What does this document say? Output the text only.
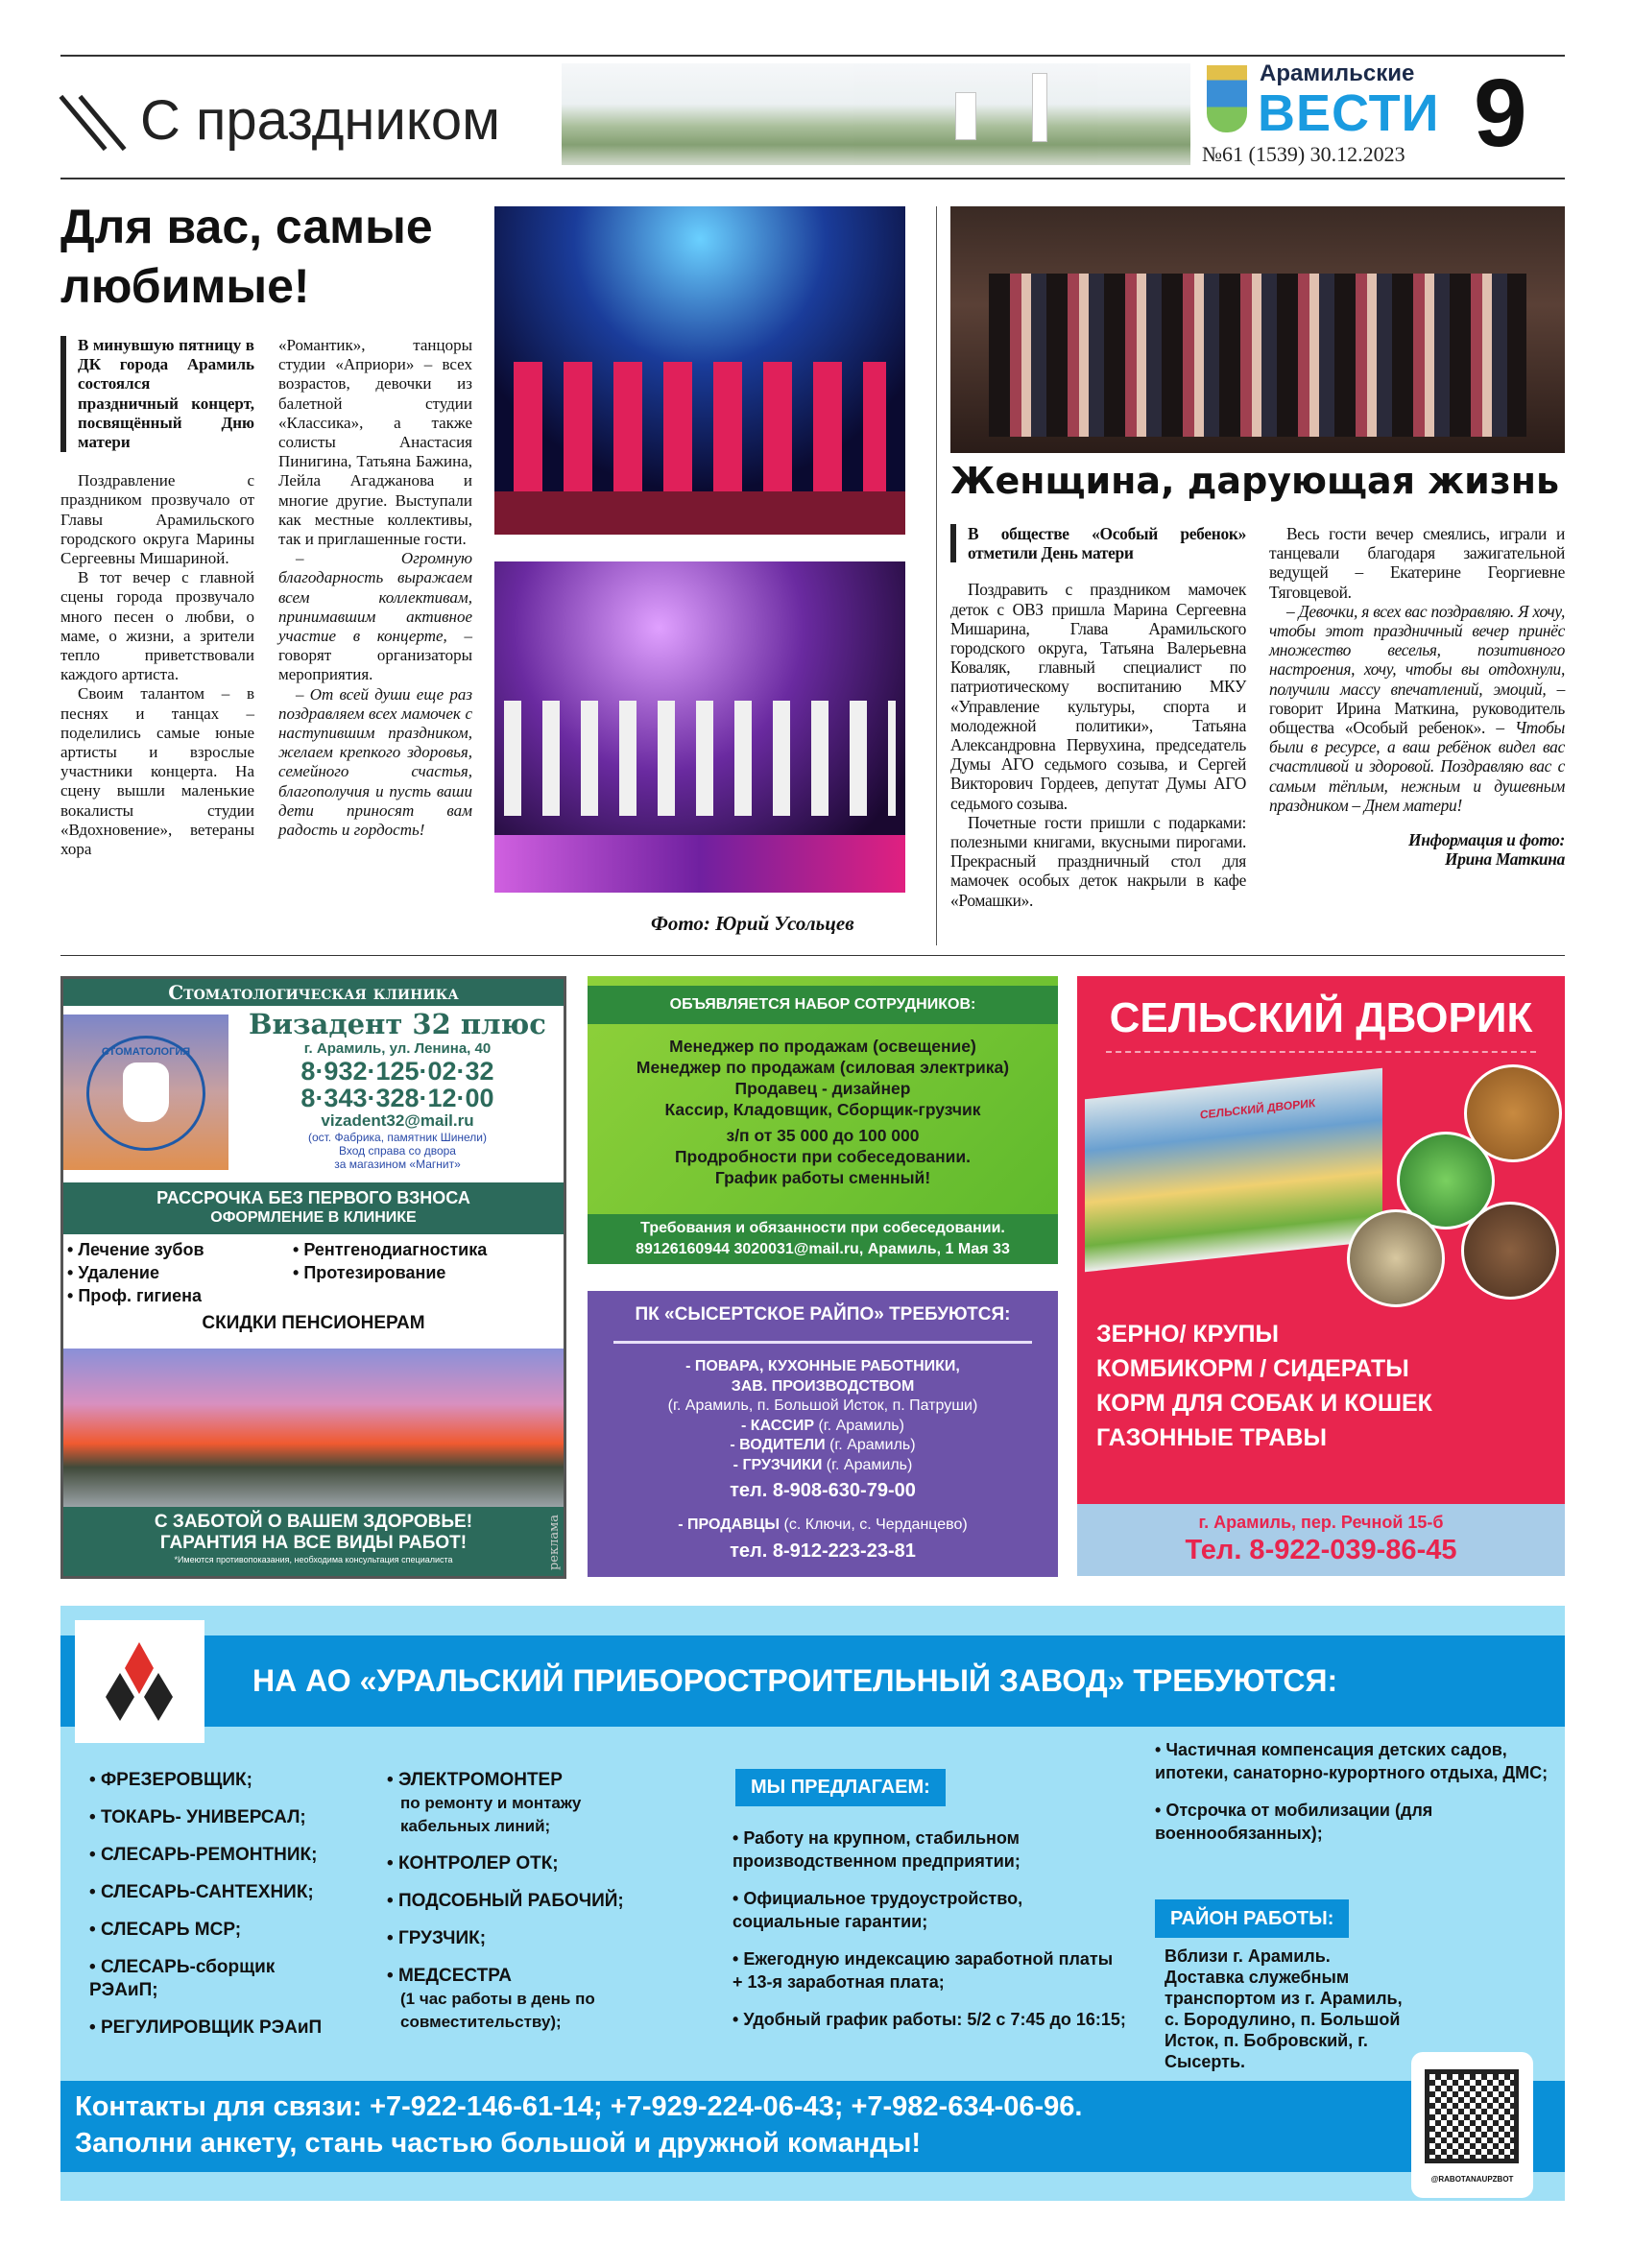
С праздником
Арамильские
ВЕСТИ
№61 (1539) 30.12.2023 9
Для вас, самые любимые!

В минувшую пятницу в ДК города Арамиль состоялся праздничный концерт, посвящённый Дню матери

Поздравление с праздником прозвучало от Главы Арамильского городского округа Марины Сергеевны Мишариной.

В тот вечер с главной сцены города прозвучало много песен о любви, о маме, о жизни, а зрители тепло приветствовали каждого артиста.

Своим талантом – в песнях и танцах – поделились самые юные артисты и взрослые участники концерта. На сцену вышли маленькие вокалисты студии «Вдохновение», ветераны хора

«Романтик», танцоры студии «Априори» – всех возрастов, девочки из балетной студии «Классика», а также солисты Анастасия Пинигина, Татьяна Бажина, Лейла Агаджанова и многие другие. Выступали как местные коллективы, так и приглашенные гости.

– Огромную благодарность выражаем всем коллективам, принимавшим активное участие в концерте, – говорят организаторы мероприятия.

– От всей души еще раз поздравляем всех мамочек с наступившим праздником, желаем крепкого здоровья, семейного счастья, благополучия и пусть ваши дети приносят вам радость и гордость!

Фото: Юрий Усольцев
Женщина, дарующая жизнь

В обществе «Особый ребенок» отметили День матери

Поздравить с праздником мамочек деток с ОВЗ пришла Марина Сергеевна Мишарина, Глава Арамильского городского округа, Татьяна Валерьевна Коваляк, главный специалист по патриотическому воспитанию МКУ «Управление культуры, спорта и молодежной политики», Татьяна Александровна Первухина, председатель Думы АГО седьмого созыва, и Сергей Викторович Гордеев, депутат Думы АГО седьмого созыва.

Почетные гости пришли с подарками: полезными книгами, вкусными пирогами. Прекрасный праздничный стол для мамочек особых деток накрыли в кафе «Ромашки».

Весь гости вечер смеялись, играли и танцевали благодаря зажигательной ведущей – Екатерине Георгиевне Тяговцевой.

– Девочки, я всех вас поздравляю. Я хочу, чтобы этот праздничный вечер принёс множество веселья, позитивного настроения, хочу, чтобы вы отдохнули, получили массу впечатлений, эмоций, – говорит Ирина Маткина, руководитель общества «Особый ребенок». – Чтобы были в ресурсе, а ваш ребёнок видел вас счастливой и здоровой. Поздравляю вас с самым тёплым, нежным и душевным праздником – Днем матери!

Информация и фото:
Ирина Маткина
Стоматологическая клиника
СТОМАТОЛОГИЯ
Визадент 32 плюс
г. Арамиль, ул. Ленина, 40
8·932·125·02·32
8·343·328·12·00
vizadent32@mail.ru
(ост. Фабрика, памятник Шинели)
Вход справа со двора
за магазином «Магнит»
РАССРОЧКА БЕЗ ПЕРВОГО ВЗНОСА
ОФОРМЛЕНИЕ В КЛИНИКЕ
• Лечение зубов	• Рентгенодиагностика
• Удаление	• Протезирование
• Проф. гигиена
СКИДКИ ПЕНСИОНЕРАМ
С ЗАБОТОЙ О ВАШЕМ ЗДОРОВЬЕ!
ГАРАНТИЯ НА ВСЕ ВИДЫ РАБОТ!
*Имеются противопоказания, необходима консультация специалиста	реклама
ОБЪЯВЛЯЕТСЯ НАБОР СОТРУДНИКОВ:
Менеджер по продажам (освещение)
Менеджер по продажам (силовая электрика)
Продавец - дизайнер
Кассир, Кладовщик, Сборщик-грузчик
з/п от 35 000 до 100 000
Продробности при собеседовании.
График работы сменный!
Требования и обязанности при собеседовании.
89126160944 3020031@mail.ru, Арамиль, 1 Мая 33
ПК «СЫСЕРТСКОЕ РАЙПО» ТРЕБУЮТСЯ:
- ПОВАРА, КУХОННЫЕ РАБОТНИКИ,
ЗАВ. ПРОИЗВОДСТВОМ
(г. Арамиль, п. Большой Исток, п. Патруши)
- КАССИР (г. Арамиль)
- ВОДИТЕЛИ (г. Арамиль)
- ГРУЗЧИКИ (г. Арамиль)
тел. 8-908-630-79-00
- ПРОДАВЦЫ (с. Ключи, с. Черданцево)
тел. 8-912-223-23-81
СЕЛЬСКИЙ ДВОРИК
СЕЛЬСКИЙ ДВОРИК
ЗЕРНО/ КРУПЫ
КОМБИКОРМ / СИДЕРАТЫ
КОРМ ДЛЯ СОБАК И КОШЕК
ГАЗОННЫЕ ТРАВЫ
г. Арамиль, пер. Речной 15-б
Тел. 8-922-039-86-45
НА АО «УРАЛЬСКИЙ ПРИБОРОСТРОИТЕЛЬНЫЙ ЗАВОД» ТРЕБУЮТСЯ:
• ФРЕЗЕРОВЩИК;
• ТОКАРЬ- УНИВЕРСАЛ;
• СЛЕСАРЬ-РЕМОНТНИК;
• СЛЕСАРЬ-САНТЕХНИК;
• СЛЕСАРЬ МСР;
• СЛЕСАРЬ-сборщик РЭАиП;
• РЕГУЛИРОВЩИК РЭАиП
• ЭЛЕКТРОМОНТЕР
по ремонту и монтажу кабельных линий;
• КОНТРОЛЕР ОТК;
• ПОДСОБНЫЙ РАБОЧИЙ;
• ГРУЗЧИК;
• МЕДСЕСТРА
(1 час работы в день по совместительству);
МЫ ПРЕДЛАГАЕМ:
• Работу на крупном, стабильном производственном предприятии;
• Официальное трудоустройство, социальные гарантии;
• Ежегодную индексацию заработной платы + 13-я заработная плата;
• Удобный график работы: 5/2 с 7:45 до 16:15;
• Частичная компенсация детских садов, ипотеки, санаторно-курортного отдыха, ДМС;
• Отсрочка от мобилизации (для военнообязанных);
РАЙОН РАБОТЫ:
Вблизи г. Арамиль. Доставка служебным транспортом из г. Арамиль, с. Бородулино, п. Большой Исток, п. Бобровский, г. Сысерть.
Контакты для связи: +7-922-146-61-14; +7-929-224-06-43; +7-982-634-06-96.
Заполни анкету, стань частью большой и дружной команды!
@RABOTANAUPZBOT
